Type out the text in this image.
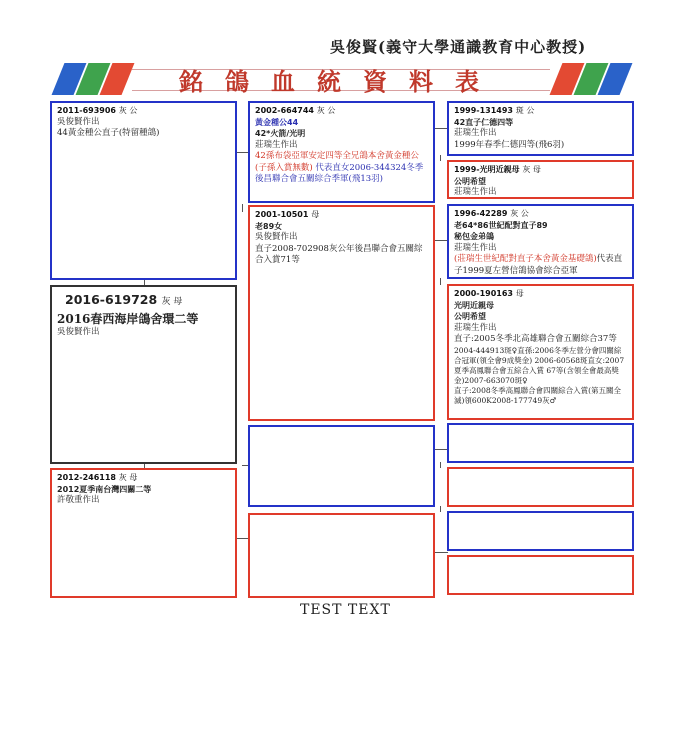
吳俊賢(義守大學通識教育中心教授)
銘鴿血統資料表
2011-693906 灰 公
吳俊賢作出
44黃金種公直子(特留種鴿)
2016-619728 灰 母
2016春西海岸鴿舍環二等
吳俊賢作出
2012-246118 灰 母
2012夏季南台灣四關二等
許敬重作出
2002-664744 灰 公
黃金種公44
42*火箭/光明
莊瑞生作出
42孫布袋亞軍安定四等全兄鴿本舍黃金種公
(子孫入賞無數) 代表直女2006-344324冬季
後昌聯合會五關綜合季軍(飛13羽)
2001-10501 母
老89女
吳俊賢作出
直子2008-702908灰公年後昌聯合會五關綜合入賞71等
1999-131493 斑 公
42直子仁德四等
莊瑞生作出
1999年春季仁德四等(飛6羽)
1999-光明近親母 灰 母
公明希望
莊瑞生作出
1996-42289 灰 公
老64*86世紀配對直子89
秘包金弟鴿
莊瑞生作出
(莊瑞生世紀配對直子本舍黃金基礎鴿)代表直子1999夏左營信鴿協會綜合亞軍
2000-190163 母
光明近親母
公明希望
莊瑞生作出
直子:2005冬季北高雄聯合會五關綜合37等
2004-444913斑♀直孫:2006冬季左營分會四關綜合冠軍(領全會9成獎金) 2006-60568斑直女:2007夏季高鳳聯合會五綜合入賞 67等(含領全會最高獎金)2007-663070斑♀
直子:2008冬季高鳳聯合會四關綜合入賞(第五關全滅)領600K2008-177749灰♂
TEST TEXT
